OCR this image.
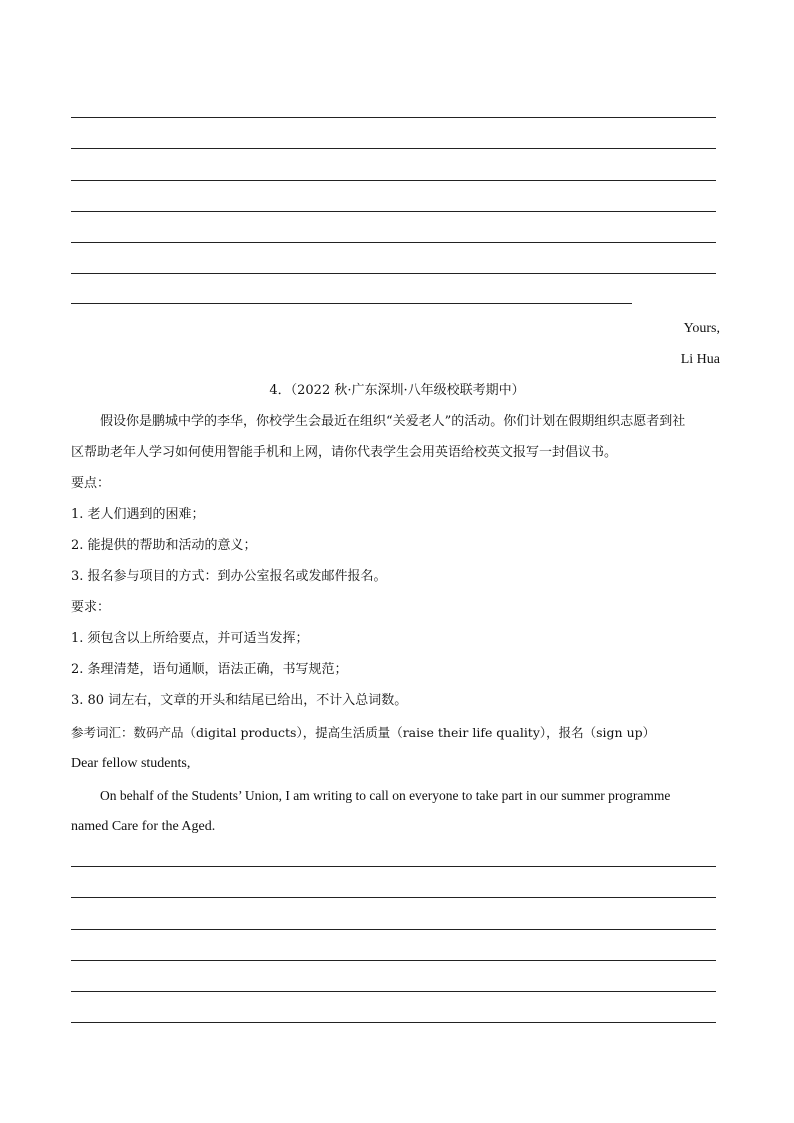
Yours,
Li Hua
4．（2022 秋·广东深圳·八年级校联考期中）
假设你是鹏城中学的李华，你校学生会最近在组织“关爱老人”的活动。你们计划在假期组织志愿者到社
区帮助老年人学习如何使用智能手机和上网，请你代表学生会用英语给校英文报写一封倡议书。
要点：
1. 老人们遇到的困难；
2. 能提供的帮助和活动的意义；
3. 报名参与项目的方式：到办公室报名或发邮件报名。
要求：
1. 须包含以上所给要点，并可适当发挥；
2. 条理清楚，语句通顺，语法正确，书写规范；
3. 80 词左右，文章的开头和结尾已给出，不计入总词数。
参考词汇：数码产品（digital products），提高生活质量（raise their life quality），报名（sign up）
Dear fellow students,
On behalf of the Students’ Union, I am writing to call on everyone to take part in our summer programme
named Care for the Aged.
